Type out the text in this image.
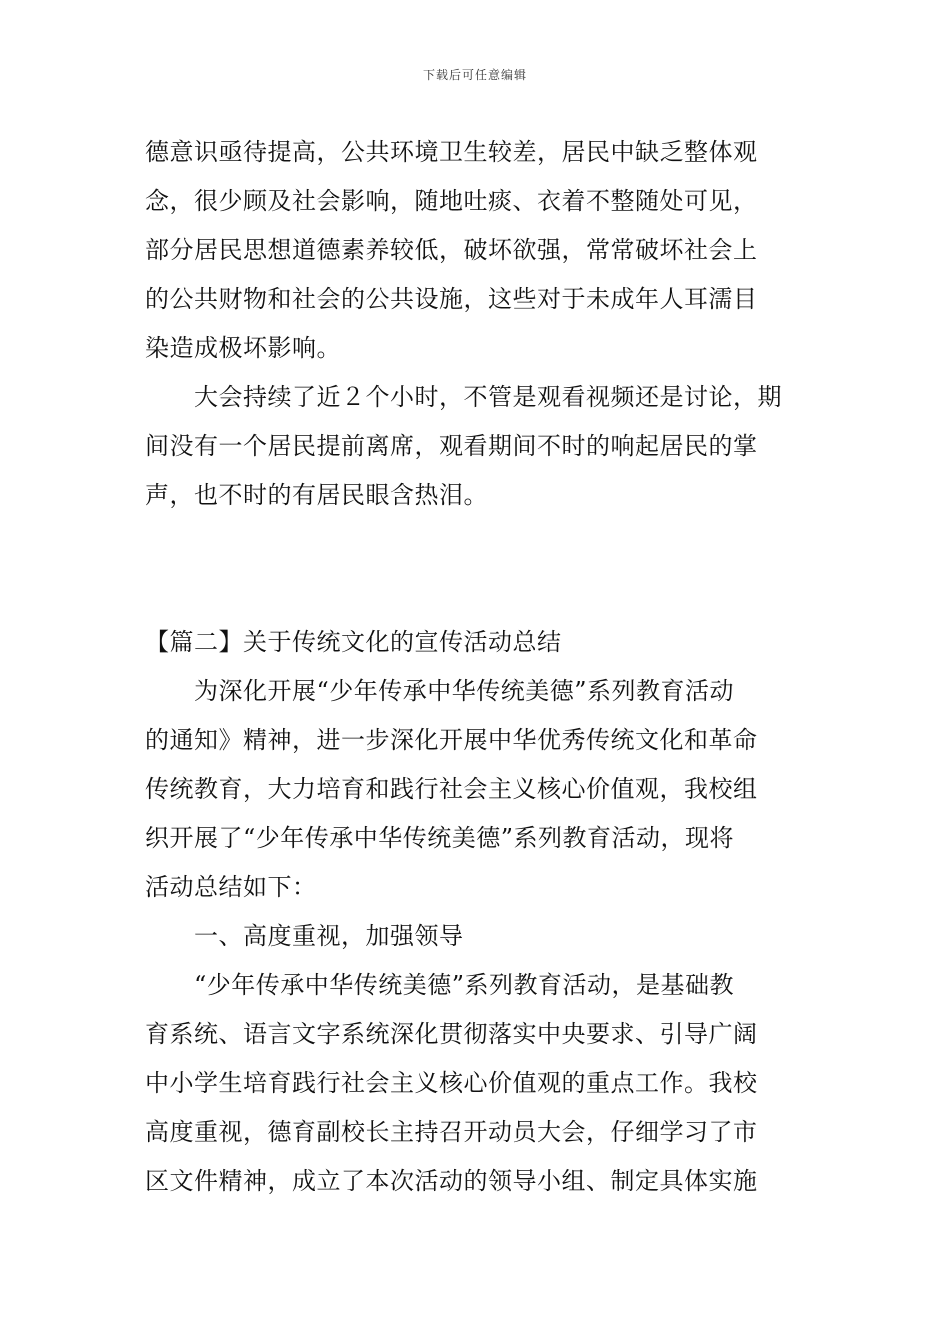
下载后可任意编辑
德意识亟待提高，公共环境卫生较差，居民中缺乏整体观
念，很少顾及社会影响，随地吐痰、衣着不整随处可见，
部分居民思想道德素养较低，破坏欲强，常常破坏社会上
的公共财物和社会的公共设施，这些对于未成年人耳濡目
染造成极坏影响。
　　大会持续了近２个小时，不管是观看视频还是讨论，期
间没有一个居民提前离席，观看期间不时的响起居民的掌
声，也不时的有居民眼含热泪。
【篇二】关于传统文化的宣传活动总结
　　为深化开展“少年传承中华传统美德”系列教育活动
的通知》精神，进一步深化开展中华优秀传统文化和革命
传统教育，大力培育和践行社会主义核心价值观，我校组
织开展了“少年传承中华传统美德”系列教育活动，现将
活动总结如下：
　　一、高度重视，加强领导
　　“少年传承中华传统美德”系列教育活动，是基础教
育系统、语言文字系统深化贯彻落实中央要求、引导广阔
中小学生培育践行社会主义核心价值观的重点工作。我校
高度重视，德育副校长主持召开动员大会，仔细学习了市
区文件精神，成立了本次活动的领导小组、制定具体实施
